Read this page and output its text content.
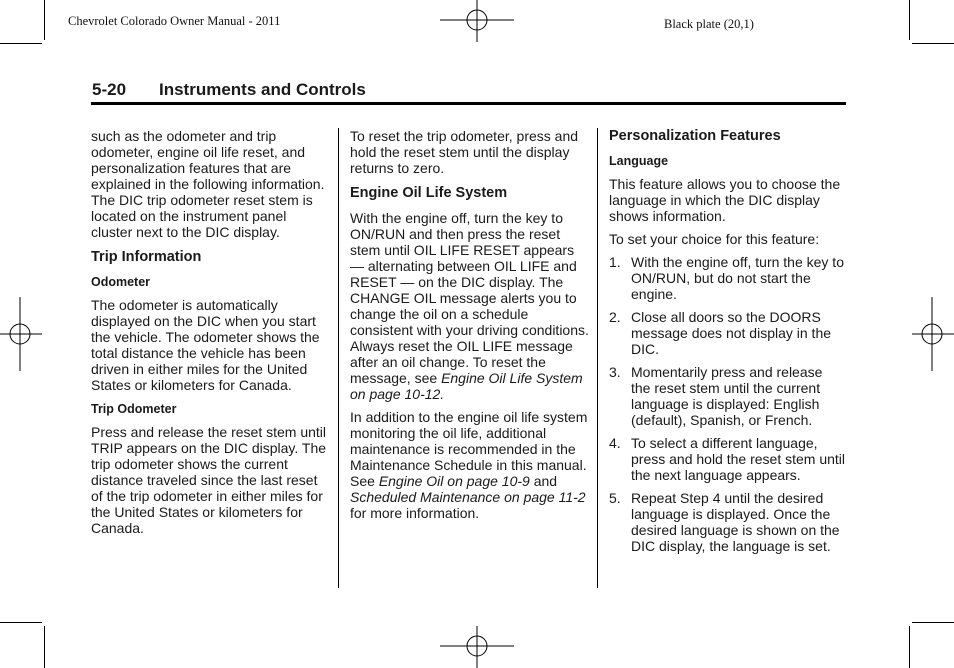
Chevrolet Colorado Owner Manual - 2011	Black plate (20,1)
5-20 Instruments and Controls

such as the odometer and trip odometer, engine oil life reset, and personalization features that are explained in the following information. The DIC trip odometer reset stem is located on the instrument panel cluster next to the DIC display.

Trip Information
Odometer

The odometer is automatically displayed on the DIC when you start the vehicle. The odometer shows the total distance the vehicle has been driven in either miles for the United States or kilometers for Canada.

Trip Odometer

Press and release the reset stem until TRIP appears on the DIC display. The trip odometer shows the current distance traveled since the last reset of the trip odometer in either miles for the United States or kilometers for Canada.

To reset the trip odometer, press and hold the reset stem until the display returns to zero.

Engine Oil Life System

With the engine off, turn the key to ON/RUN and then press the reset stem until OIL LIFE RESET appears — alternating between OIL LIFE and RESET — on the DIC display. The CHANGE OIL message alerts you to change the oil on a schedule consistent with your driving conditions. Always reset the OIL LIFE message after an oil change. To reset the message, see Engine Oil Life System on page 10-12.

In addition to the engine oil life system monitoring the oil life, additional maintenance is recommended in the Maintenance Schedule in this manual. See Engine Oil on page 10-9 and Scheduled Maintenance on page 11-2 for more information.

Personalization Features
Language

This feature allows you to choose the language in which the DIC display shows information.

To set your choice for this feature:

1. With the engine off, turn the key to ON/RUN, but do not start the engine.
2. Close all doors so the DOORS message does not display in the DIC.
3. Momentarily press and release the reset stem until the current language is displayed: English (default), Spanish, or French.
4. To select a different language, press and hold the reset stem until the next language appears.
5. Repeat Step 4 until the desired language is displayed. Once the desired language is shown on the DIC display, the language is set.
